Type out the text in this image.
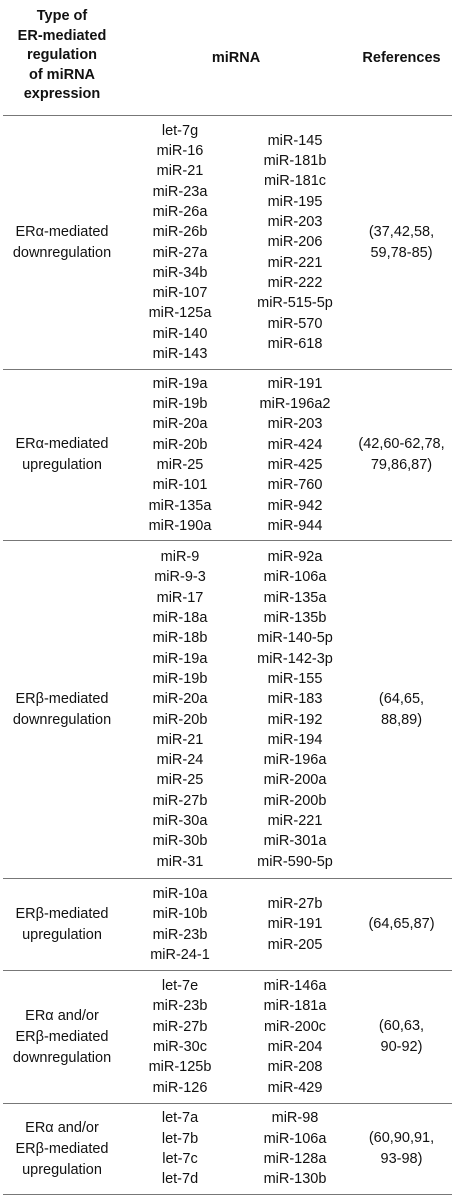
Type of
ER-mediated
regulation
of miRNA
expression
miRNA	References
ERα-mediated
downregulation
let-7g
miR-16
miR-21
miR-23a
miR-26a
miR-26b
miR-27a
miR-34b
miR-107
miR-125a
miR-140
miR-143
miR-145
miR-181b
miR-181c
miR-195
miR-203
miR-206
miR-221
miR-222
miR-515-5p
miR-570
miR-618
(37,42,58,
59,78-85)
ERα-mediated
upregulation
miR-19a
miR-19b
miR-20a
miR-20b
miR-25
miR-101
miR-135a
miR-190a
miR-191
miR-196a2
miR-203
miR-424
miR-425
miR-760
miR-942
miR-944
(42,60-62,78,
79,86,87)
ERβ-mediated
downregulation
miR-9
miR-9-3
miR-17
miR-18a
miR-18b
miR-19a
miR-19b
miR-20a
miR-20b
miR-21
miR-24
miR-25
miR-27b
miR-30a
miR-30b
miR-31
miR-92a
miR-106a
miR-135a
miR-135b
miR-140-5p
miR-142-3p
miR-155
miR-183
miR-192
miR-194
miR-196a
miR-200a
miR-200b
miR-221
miR-301a
miR-590-5p
(64,65,
88,89)
ERβ-mediated
upregulation
miR-10a
miR-10b
miR-23b
miR-24-1
miR-27b
miR-191
miR-205
(64,65,87)
ERα and/or
ERβ-mediated
downregulation
let-7e
miR-23b
miR-27b
miR-30c
miR-125b
miR-126
miR-146a
miR-181a
miR-200c
miR-204
miR-208
miR-429
(60,63,
90-92)
ERα and/or
ERβ-mediated
upregulation
let-7a
let-7b
let-7c
let-7d
miR-98
miR-106a
miR-128a
miR-130b
(60,90,91,
93-98)
